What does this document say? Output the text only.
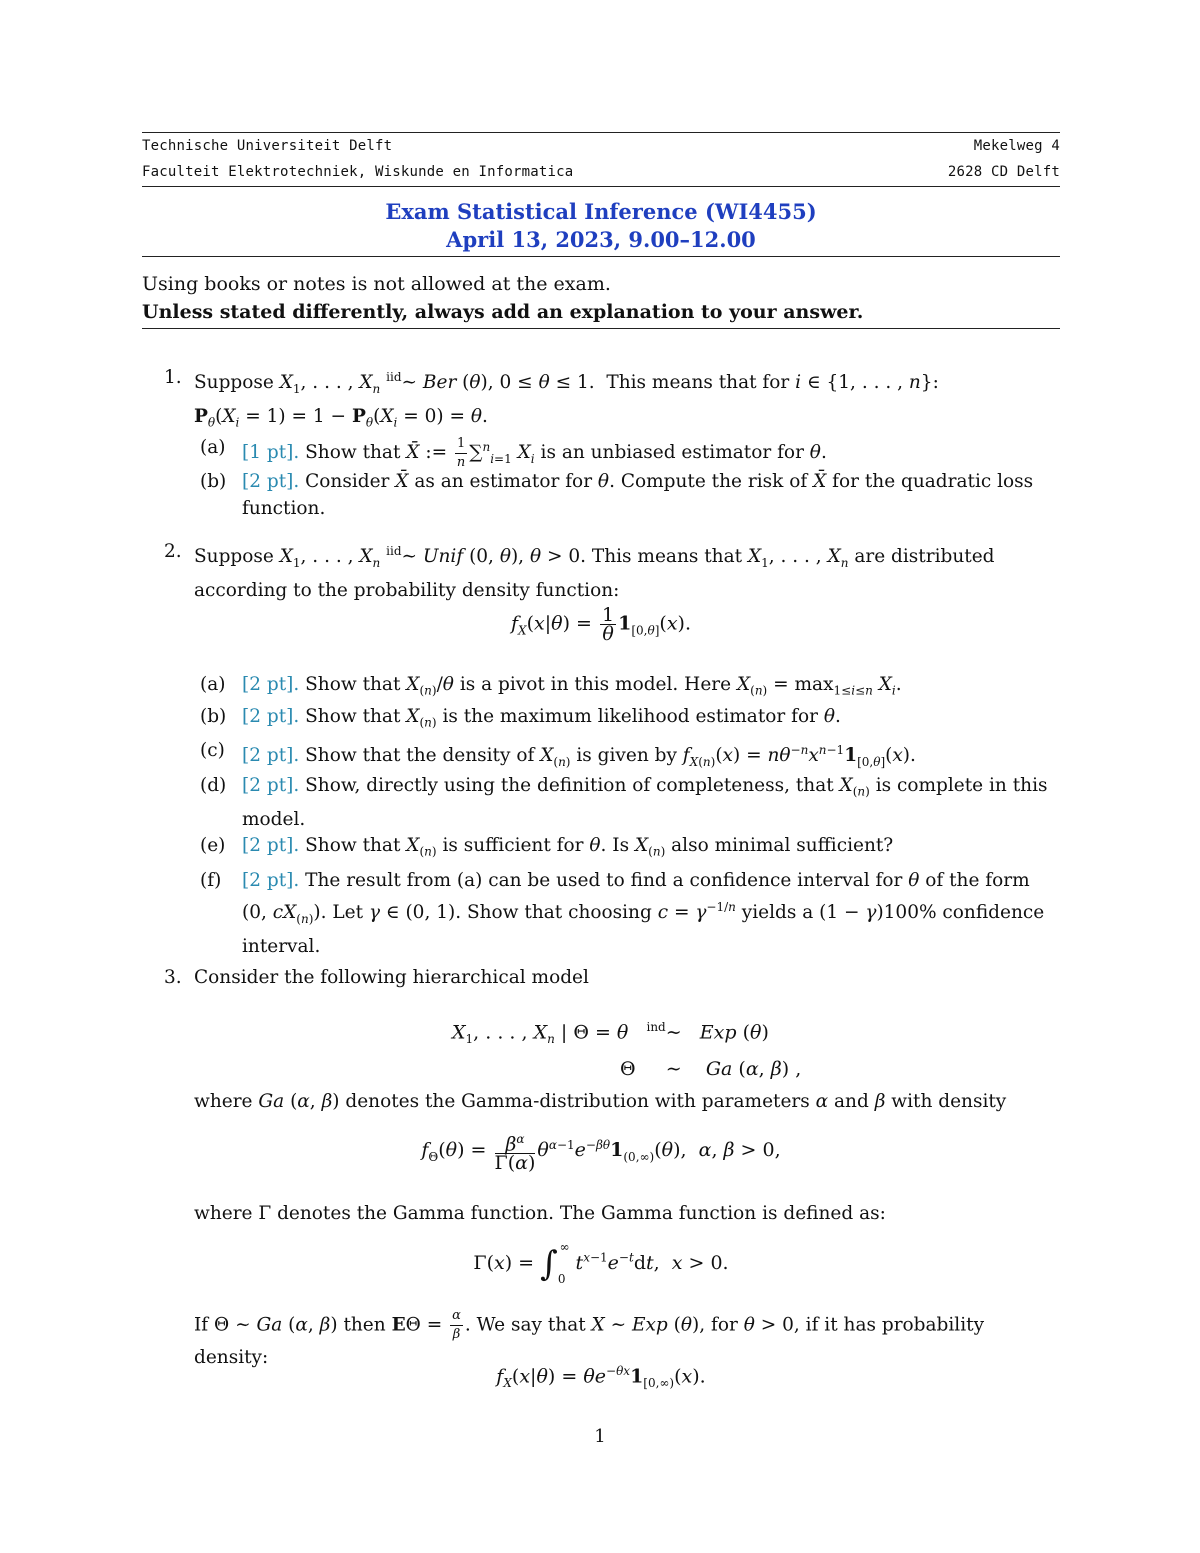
Technische Universiteit Delft	Mekelweg 4
Faculteit Elektrotechniek, Wiskunde en Informatica	2628 CD Delft
Exam Statistical Inference (WI4455)
April 13, 2023, 9.00–12.00
Using books or notes is not allowed at the exam.
Unless stated differently, always add an explanation to your answer.
1. Suppose $X_1$, . . . , $X_n$ $^{iid}$∼ Ber (θ), 0 ≤ θ ≤ 1.  This means that for i ∈ {1, . . . , n}:
$P_\theta(X_i = 1) = 1 - P_\theta(X_i = 0) = \theta$.
(a) [1 pt]. Show that X̄ := $\frac{1}{n} \sum^n_{i=1}$ $X_i$ is an unbiased estimator for θ.
(b) [2 pt]. Consider X̄ as an estimator for θ. Compute the risk of X̄ for the quadratic loss function.
2. Suppose $X_1$, . . . , $X_n$ $^{iid}$∼ Unif (0, θ), θ > 0. This means that $X_1$, . . . , $X_n$ are distributed according to the probability density function:
$f_X(x|\theta) = \frac{1}{\theta} 1_{[0,\theta]}(x)$.
(a) [2 pt]. Show that $X_{(n)}/\theta$ is a pivot in this model. Here $X_{(n)} = \max_{1\le i\le n} X_i$.
(b) [2 pt]. Show that $X_{(n)}$ is the maximum likelihood estimator for θ.
(c) [2 pt]. Show that the density of $X_{(n)}$ is given by $f_{X(n)}(x) = n\theta^{-n}x^{n-1}1_{[0,\theta]}(x)$.
(d) [2 pt]. Show, directly using the definition of completeness, that $X_{(n)}$ is complete in this model.
(e) [2 pt]. Show that $X_{(n)}$ is sufficient for θ. Is $X_{(n)}$ also minimal sufficient?
(f) [2 pt]. The result from (a) can be used to find a confidence interval for θ of the form (0, $cX_{(n)}$). Let γ ∈ (0, 1). Show that choosing $c = \gamma^{-1/n}$ yields a (1 − γ)100% confidence interval.
3. Consider the following hierarchical model
$X_1$, . . . , $X_n$ | Θ = θ $^{ind}$∼   Exp (θ)
Θ     ∼    Ga (α, β) ,
where Ga (α, β) denotes the Gamma-distribution with parameters α and β with density
$f_\Theta(\theta) = \frac{\beta^\alpha}{\Gamma(\alpha)} \theta^{\alpha-1}e^{-\beta\theta}1_{(0,\infty)}(\theta)$,  α, β > 0,
where Γ denotes the Gamma function. The Gamma function is defined as:
$\Gamma(x) = \int_0^\infty$ $t^{x-1}e^{-t}dt$,  x > 0.
If Θ ∼ Ga (α, β) then $E\Theta = \frac{\alpha}{\beta}$ . We say that X ∼ Exp (θ), for θ > 0, if it has probability density:
$f_X(x|\theta) = \theta e^{-\theta x}1_{[0,\infty)}(x)$.
1
